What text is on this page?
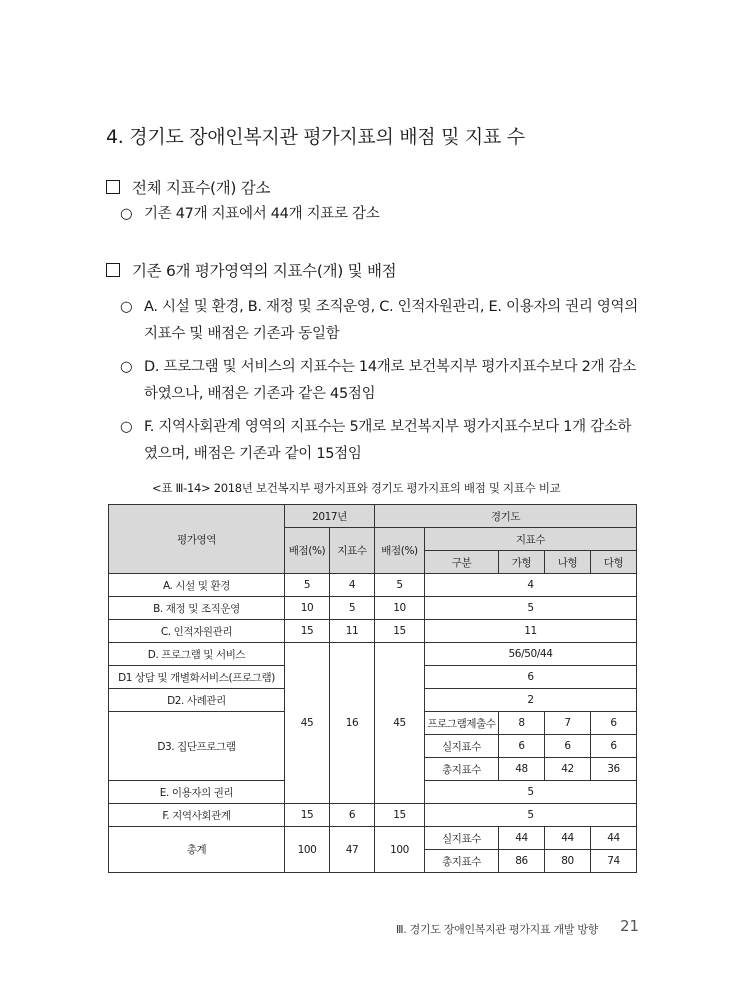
4. 경기도 장애인복지관 평가지표의 배점 및 지표 수
전체 지표수(개) 감소
○ 기존 47개 지표에서 44개 지표로 감소
기존 6개 평가영역의 지표수(개) 및 배점
○ A. 시설 및 환경, B. 재정 및 조직운영, C. 인적자원관리, E. 이용자의 권리 영역의
지표수 및 배점은 기존과 동일함
○ D. 프로그램 및 서비스의 지표수는 14개로 보건복지부 평가지표수보다 2개 감소
하였으나, 배점은 기존과 같은 45점임
○ F. 지역사회관계 영역의 지표수는 5개로 보건복지부 평가지표수보다 1개 감소하
였으며, 배점은 기존과 같이 15점임
<표 Ⅲ-14> 2018년 보건복지부 평가지표와 경기도 평가지표의 배점 및 지표수 비교
평가영역	2017년		경기도				
	배점(%)	지표수	배점(%)	지표수			
				구분	가형	나형	다형
A. 시설 및 환경	5	4	5	4			
B. 재정 및 조직운영	10	5	10	5			
C. 인적자원관리	15	11	15	11			
D. 프로그램 및 서비스	45	16	45	56/50/44			
D1 상담 및 개별화서비스(프로그램)				6			
D2. 사례관리				2			
D3. 집단프로그램				프로그램제출수	8	7	6
				실지표수	6	6	6
				총지표수	48	42	36
E. 이용자의 권리				5			
F. 지역사회관계	15	6	15	5			
총계	100	47	100	실지표수	44	44	44
				총지표수	86	80	74
Ⅲ. 경기도 장애인복지관 평가지표 개발 방향 21
